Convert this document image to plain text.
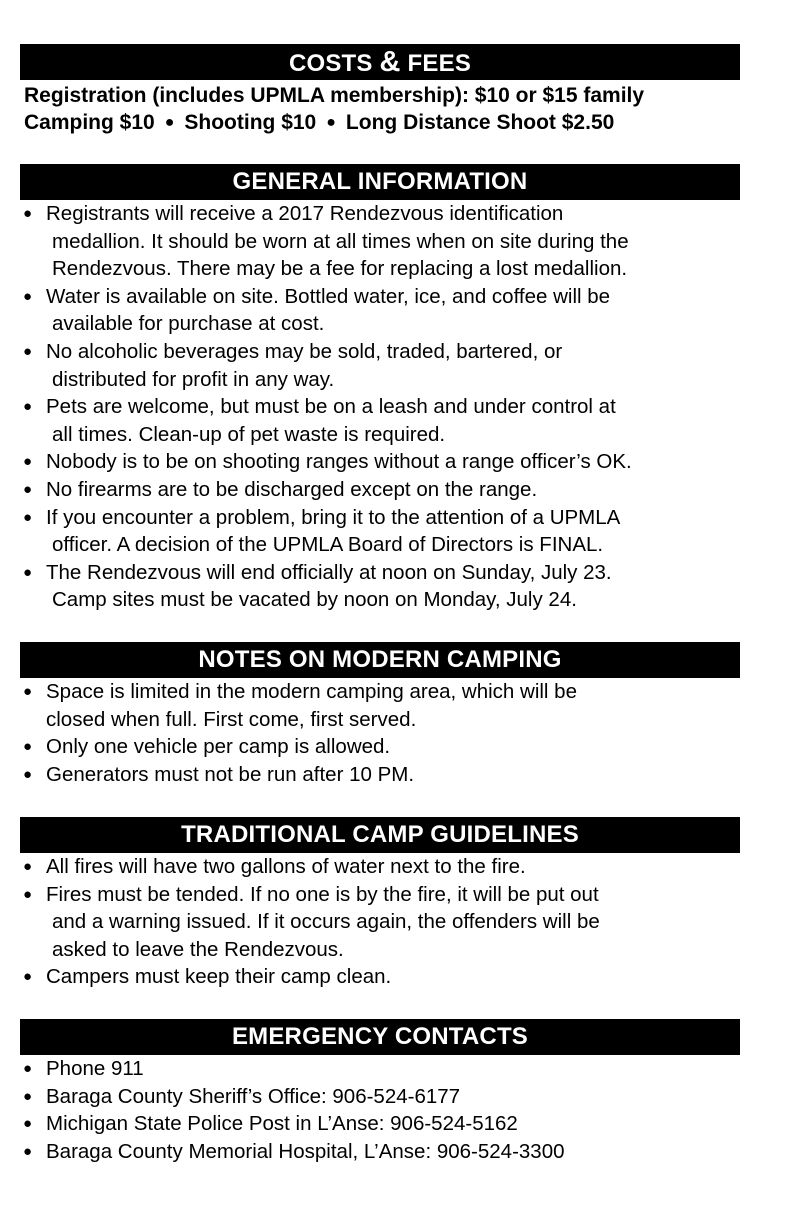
COSTS & FEES
Registration (includes UPMLA membership): $10 or $15 family
Camping $10 ● Shooting $10 ● Long Distance Shoot $2.50
GENERAL INFORMATION
● Registrants will receive a 2017 Rendezvous identification
medallion. It should be worn at all times when on site during the
Rendezvous. There may be a fee for replacing a lost medallion.
● Water is available on site. Bottled water, ice, and coffee will be
available for purchase at cost.
● No alcoholic beverages may be sold, traded, bartered, or
distributed for profit in any way.
● Pets are welcome, but must be on a leash and under control at
all times. Clean-up of pet waste is required.
● Nobody is to be on shooting ranges without a range officer’s OK.
● No firearms are to be discharged except on the range.
● If you encounter a problem, bring it to the attention of a UPMLA
officer. A decision of the UPMLA Board of Directors is FINAL.
● The Rendezvous will end officially at noon on Sunday, July 23.
Camp sites must be vacated by noon on Monday, July 24.
NOTES ON MODERN CAMPING
● Space is limited in the modern camping area, which will be
closed when full. First come, first served.
● Only one vehicle per camp is allowed.
● Generators must not be run after 10 PM.
TRADITIONAL CAMP GUIDELINES
● All fires will have two gallons of water next to the fire.
● Fires must be tended. If no one is by the fire, it will be put out
and a warning issued. If it occurs again, the offenders will be
asked to leave the Rendezvous.
● Campers must keep their camp clean.
EMERGENCY CONTACTS
● Phone 911
● Baraga County Sheriff’s Office: 906-524-6177
● Michigan State Police Post in L’Anse: 906-524-5162
● Baraga County Memorial Hospital, L’Anse: 906-524-3300
